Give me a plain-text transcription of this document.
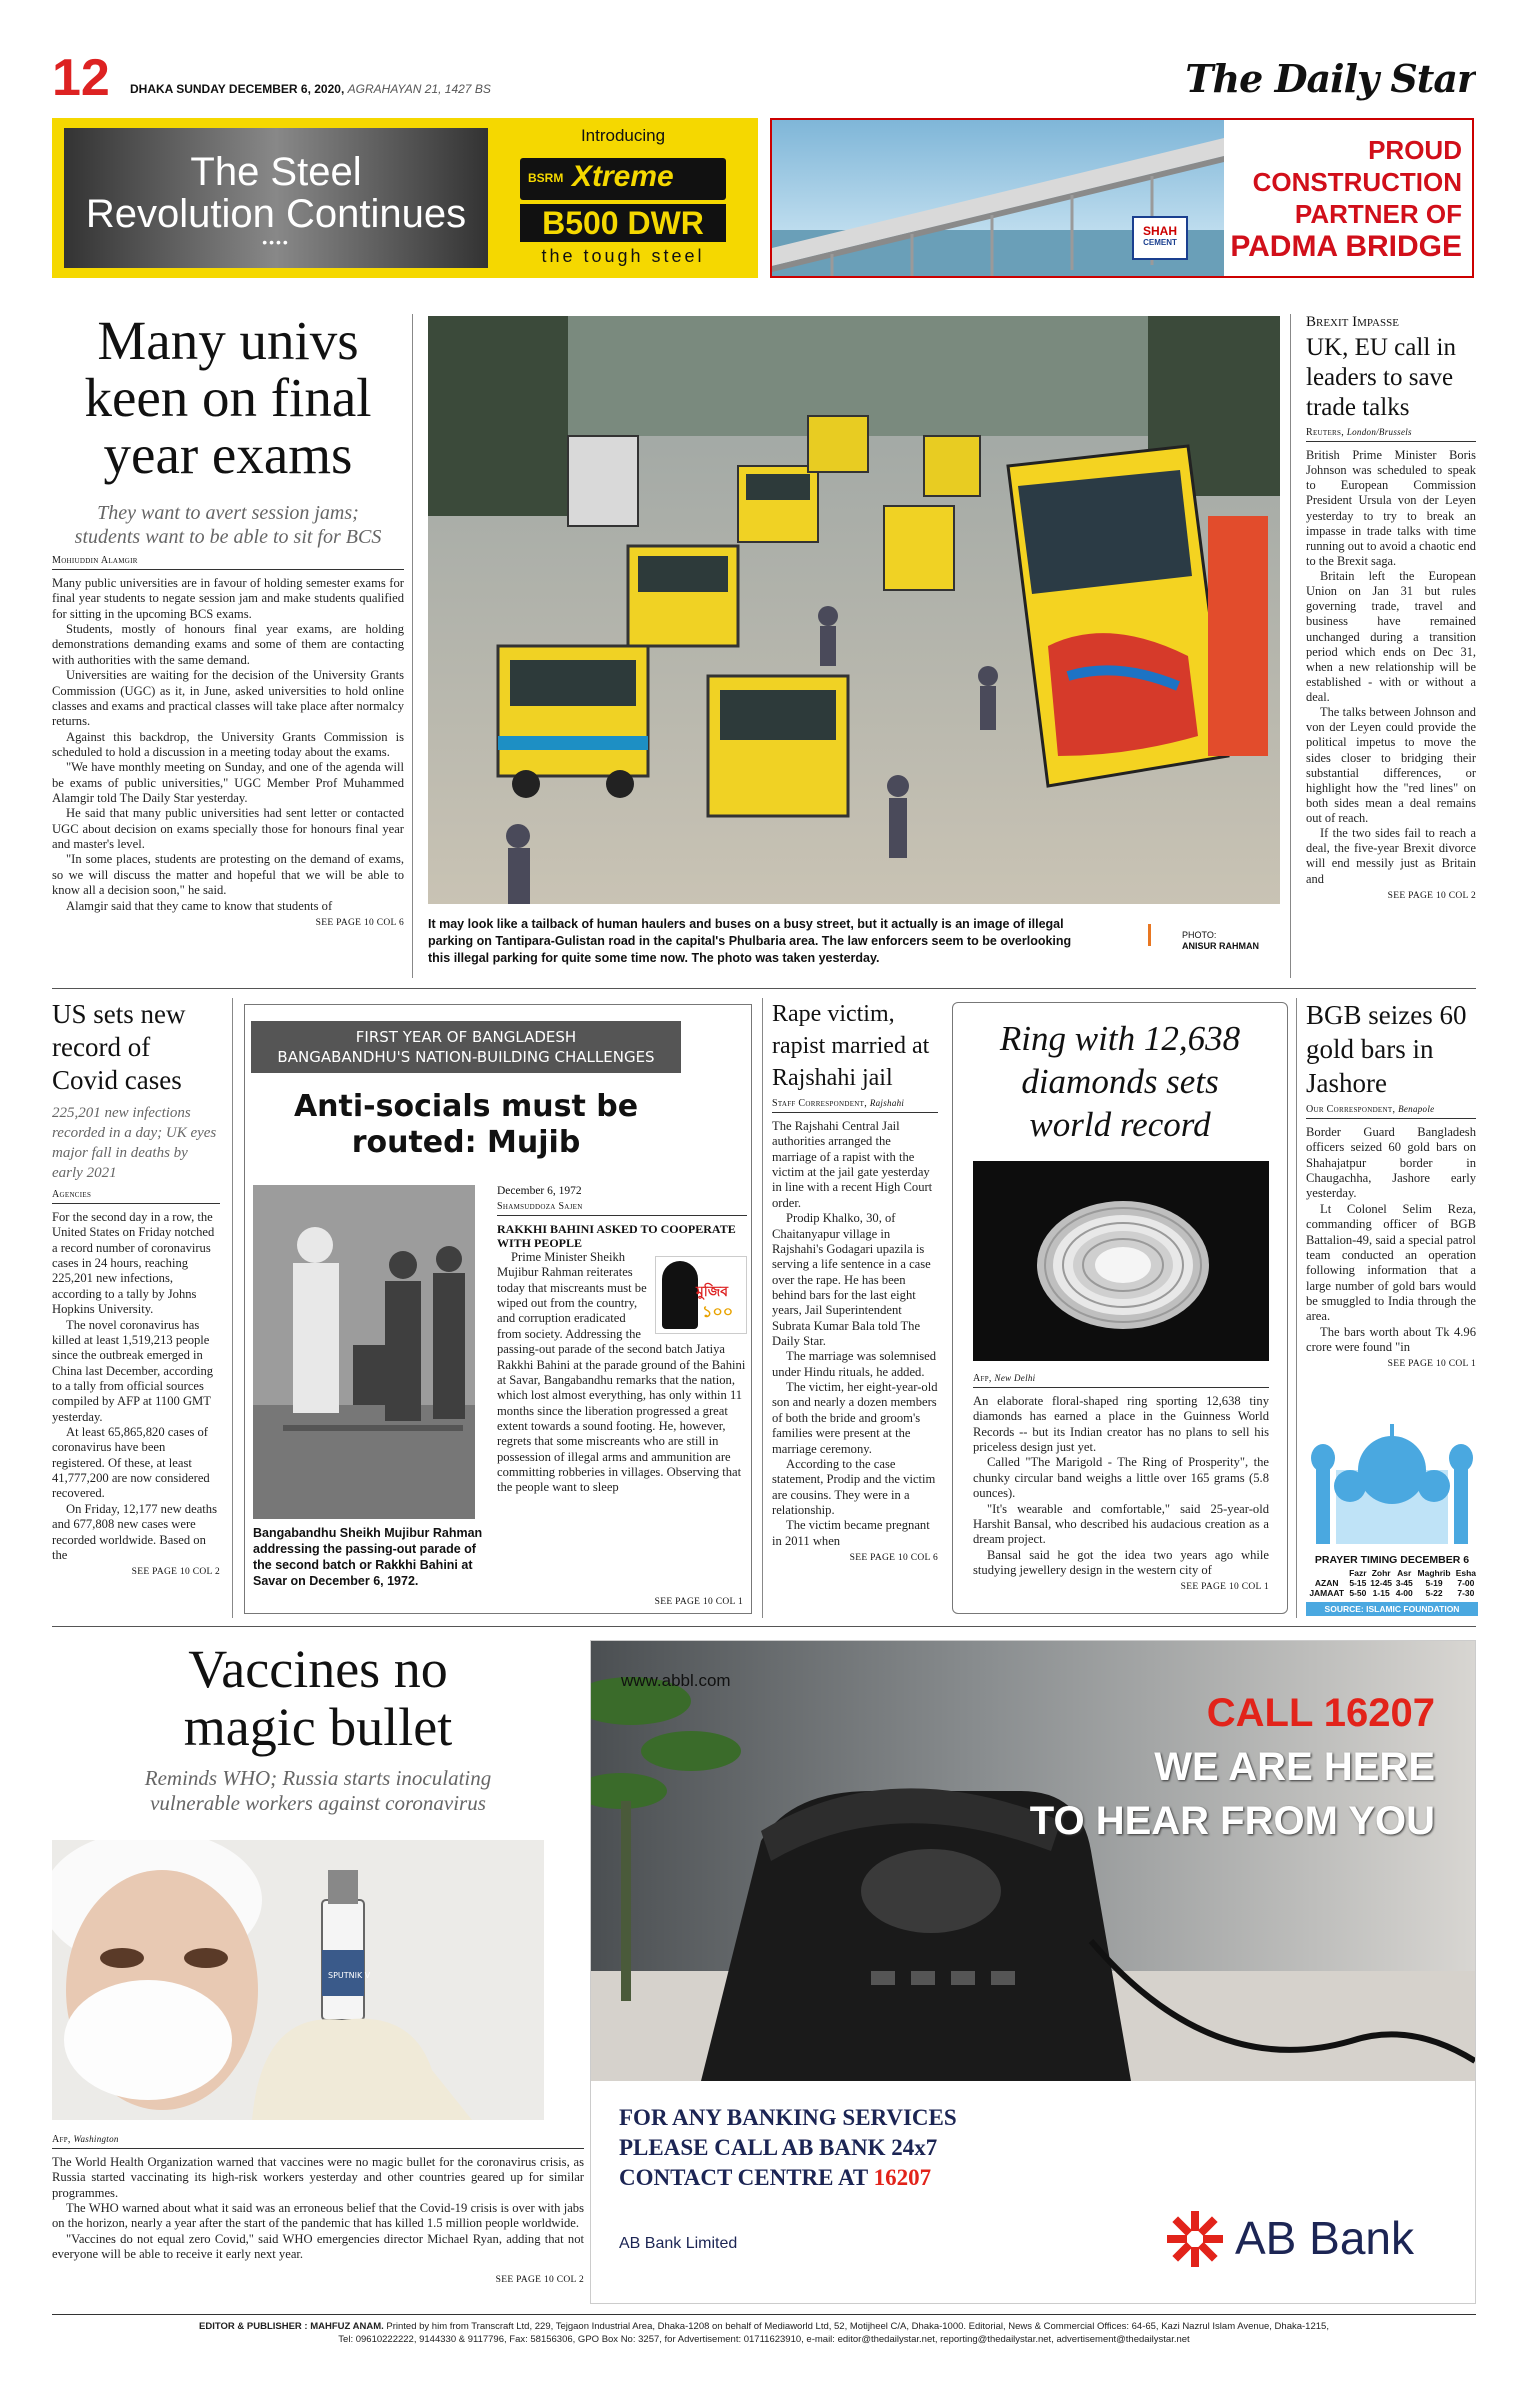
12 DHAKA SUNDAY DECEMBER 6, 2020, AGRAHAYAN 21, 1427 BS	The Daily Star
The Steel
Revolution Continues
••••
Introducing
BSRM Xtreme
B500 DWR
the tough steel
SHAH
CEMENT
PROUD
CONSTRUCTION
PARTNER OF
PADMA BRIDGE
Many univs
keen on final
year exams
They want to avert session jams;
students want to be able to sit for BCS
Mohiuddin Alamgir

Many public universities are in favour of holding semester exams for final year students to negate session jam and make students qualified for sitting in the upcoming BCS exams.

Students, mostly of honours final year exams, are holding demonstrations demanding exams and some of them are contacting with authorities with the same demand.

Universities are waiting for the decision of the University Grants Commission (UGC) as it, in June, asked universities to hold online classes and exams and practical classes will take place after normalcy returns.

Against this backdrop, the University Grants Commission is scheduled to hold a discussion in a meeting today about the exams.

"We have monthly meeting on Sunday, and one of the agenda will be exams of public universities," UGC Member Prof Muhammed Alamgir told The Daily Star yesterday.

He said that many public universities had sent letter or contacted UGC about decision on exams specially those for honours final year and master's level.

"In some places, students are protesting on the demand of exams, so we will discuss the matter and hopeful that we will be able to know all a decision soon," he said.

Alamgir said that they came to know that students of

SEE PAGE 10 COL 6 It may look like a tailback of human haulers and buses on a busy street, but it actually is an image of illegal parking on Tantipara-Gulistan road in the capital's Phulbaria area. The law enforcers seem to be overlooking this illegal parking for quite some time now. The photo was taken yesterday.
PHOTO:
ANISUR RAHMAN
Brexit Impasse
UK, EU call in leaders to save trade talks
Reuters, London/Brussels

British Prime Minister Boris Johnson was scheduled to speak to European Commission President Ursula von der Leyen yesterday to try to break an impasse in trade talks with time running out to avoid a chaotic end to the Brexit saga.

Britain left the European Union on Jan 31 but rules governing trade, travel and business have remained unchanged during a transition period which ends on Dec 31, when a new relationship will be established - with or without a deal.

The talks between Johnson and von der Leyen could provide the political impetus to move the sides closer to bridging their substantial differences, or highlight how the "red lines" on both sides mean a deal remains out of reach.

If the two sides fail to reach a deal, the five-year Brexit divorce will end messily just as Britain and

SEE PAGE 10 COL 2
US sets new record of Covid cases
225,201 new infections recorded in a day; UK eyes major fall in deaths by early 2021
Agencies

For the second day in a row, the United States on Friday notched a record number of coronavirus cases in 24 hours, reaching 225,201 new infections, according to a tally by Johns Hopkins University.

The novel coronavirus has killed at least 1,519,213 people since the outbreak emerged in China last December, according to a tally from official sources compiled by AFP at 1100 GMT yesterday.

At least 65,865,820 cases of coronavirus have been registered. Of these, at least 41,777,200 are now considered recovered.

On Friday, 12,177 new deaths and 677,808 new cases were recorded worldwide. Based on the

SEE PAGE 10 COL 2
FIRST YEAR OF BANGLADESH
BANGABANDHU'S NATION-BUILDING CHALLENGES
Anti-socials must be
routed: Mujib
Bangabandhu Sheikh Mujibur Rahman addressing the passing-out parade of the second batch or Rakkhi Bahini at Savar on December 6, 1972.
December 6, 1972
Shamsuddoza Sajen
RAKKHI BAHINI ASKED TO COOPERATE WITH PEOPLE
মুজিব
১০০

Prime Minister Sheikh Mujibur Rahman reiterates today that miscreants must be wiped out from the country, and corruption eradicated from society. Addressing the passing-out parade of the second batch Jatiya Rakkhi Bahini at the parade ground of the Bahini at Savar, Bangabandhu remarks that the nation, which lost almost everything, has only within 11 months since the liberation progressed a great extent towards a sound footing. He, however, regrets that some miscreants who are still in possession of illegal arms and ammunition are committing robberies in villages. Observing that the people want to sleep

SEE PAGE 10 COL 1
Rape victim, rapist married at Rajshahi jail
Staff Correspondent, Rajshahi

The Rajshahi Central Jail authorities arranged the marriage of a rapist with the victim at the jail gate yesterday in line with a recent High Court order.

Prodip Khalko, 30, of Chaitanyapur village in Rajshahi's Godagari upazila is serving a life sentence in a case over the rape. He has been behind bars for the last eight years, Jail Superintendent Subrata Kumar Bala told The Daily Star.

The marriage was solemnised under Hindu rituals, he added.

The victim, her eight-year-old son and nearly a dozen members of both the bride and groom's families were present at the marriage ceremony.

According to the case statement, Prodip and the victim are cousins. They were in a relationship.

The victim became pregnant in 2011 when

SEE PAGE 10 COL 6
Ring with 12,638
diamonds sets
world record
Afp, New Delhi

An elaborate floral-shaped ring sporting 12,638 tiny diamonds has earned a place in the Guinness World Records -- but its Indian creator has no plans to sell his priceless design just yet.

Called "The Marigold - The Ring of Prosperity", the chunky circular band weighs a little over 165 grams (5.8 ounces).

"It's wearable and comfortable," said 25-year-old Harshit Bansal, who described his audacious creation as a dream project.

Bansal said he got the idea two years ago while studying jewellery design in the western city of

SEE PAGE 10 COL 1
BGB seizes 60 gold bars in Jashore
Our Correspondent, Benapole

Border Guard Bangladesh officers seized 60 gold bars on Shahajatpur border in Chaugachha, Jashore early yesterday.

Lt Colonel Selim Reza, commanding officer of BGB Battalion-49, said a special patrol team conducted an operation following information that a large number of gold bars would be smuggled to India through the area.

The bars worth about Tk 4.96 crore were found "in

SEE PAGE 10 COL 1
PRAYER TIMING DECEMBER 6
	Fazr	Zohr	Asr	Maghrib	Esha
AZAN	5-15	12-45	3-45	5-19	7-00
JAMAAT	5-50	1-15	4-00	5-22	7-30
SOURCE: ISLAMIC FOUNDATION
Vaccines no
magic bullet
Reminds WHO; Russia starts inoculating
vulnerable workers against coronavirus
SPUTNIK V
Afp, Washington

The World Health Organization warned that vaccines were no magic bullet for the coronavirus crisis, as Russia started vaccinating its high-risk workers yesterday and other countries geared up for similar programmes.

The WHO warned about what it said was an erroneous belief that the Covid-19 crisis is over with jabs on the horizon, nearly a year after the start of the pandemic that has killed 1.5 million people worldwide.

"Vaccines do not equal zero Covid," said WHO emergencies director Michael Ryan, adding that not everyone will be able to receive it early next year.

SEE PAGE 10 COL 2
www.abbl.com
CALL 16207
WE ARE HERE
TO HEAR FROM YOU
FOR ANY BANKING SERVICES
PLEASE CALL AB BANK 24x7
CONTACT CENTRE AT 16207
AB Bank Limited	AB Bank
EDITOR & PUBLISHER : MAHFUZ ANAM. Printed by him from Transcraft Ltd, 229, Tejgaon Industrial Area, Dhaka-1208 on behalf of Mediaworld Ltd, 52, Motijheel C/A, Dhaka-1000. Editorial, News & Commercial Offices: 64-65, Kazi Nazrul Islam Avenue, Dhaka-1215,
Tel: 09610222222, 9144330 & 9117796, Fax: 58156306, GPO Box No: 3257, for Advertisement: 01711623910, e-mail: editor@thedailystar.net, reporting@thedailystar.net, advertisement@thedailystar.net
